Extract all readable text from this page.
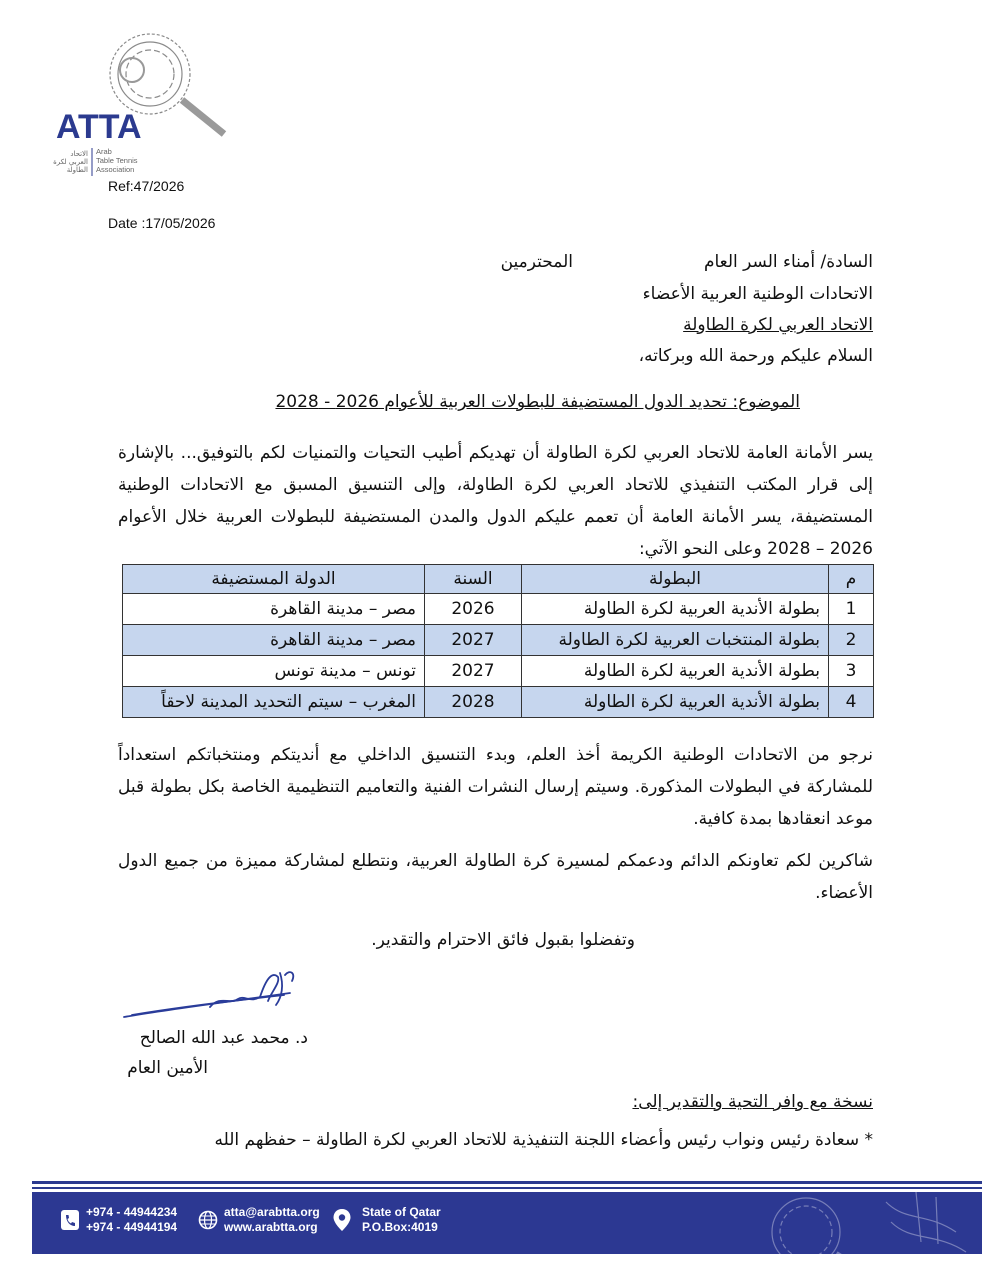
ATTA
الاتحاد
العربي لكرة
الطاولة
Arab
Table Tennis
Association
Ref:47/2026
Date :17/05/2026
السادة/ أمناء السر العام
المحترمين
الاتحادات الوطنية العربية الأعضاء
الاتحاد العربي لكرة الطاولة
السلام عليكم ورحمة الله وبركاته،
الموضوع: تحديد الدول المستضيفة للبطولات العربية للأعوام 2026 - 2028
يسر الأمانة العامة للاتحاد العربي لكرة الطاولة أن تهديكم أطيب التحيات والتمنيات لكم بالتوفيق... بالإشارة إلى قرار المكتب التنفيذي للاتحاد العربي لكرة الطاولة، وإلى التنسيق المسبق مع الاتحادات الوطنية المستضيفة، يسر الأمانة العامة أن تعمم عليكم الدول والمدن المستضيفة للبطولات العربية خلال الأعوام 2026 – 2028 وعلى النحو الآتي:
م	البطولة	السنة	الدولة المستضيفة
1	بطولة الأندية العربية لكرة الطاولة	2026	مصر – مدينة القاهرة
2	بطولة المنتخبات العربية لكرة الطاولة	2027	مصر – مدينة القاهرة
3	بطولة الأندية العربية لكرة الطاولة	2027	تونس – مدينة تونس
4	بطولة الأندية العربية لكرة الطاولة	2028	المغرب – سيتم التحديد المدينة لاحقاً
نرجو من الاتحادات الوطنية الكريمة أخذ العلم، وبدء التنسيق الداخلي مع أنديتكم ومنتخباتكم استعداداً للمشاركة في البطولات المذكورة. وسيتم إرسال النشرات الفنية والتعاميم التنظيمية الخاصة بكل بطولة قبل موعد انعقادها بمدة كافية.
شاكرين لكم تعاونكم الدائم ودعمكم لمسيرة كرة الطاولة العربية، ونتطلع لمشاركة مميزة من جميع الدول الأعضاء.
وتفضلوا بقبول فائق الاحترام والتقدير.
د. محمد عبد الله الصالح
الأمين العام
نسخة مع وافر التحية والتقدير إلى:
* سعادة رئيس ونواب رئيس وأعضاء اللجنة التنفيذية للاتحاد العربي لكرة الطاولة – حفظهم الله
+974 - 44944234
+974 - 44944194
atta@arabtta.org
www.arabtta.org
State of Qatar
P.O.Box:4019
